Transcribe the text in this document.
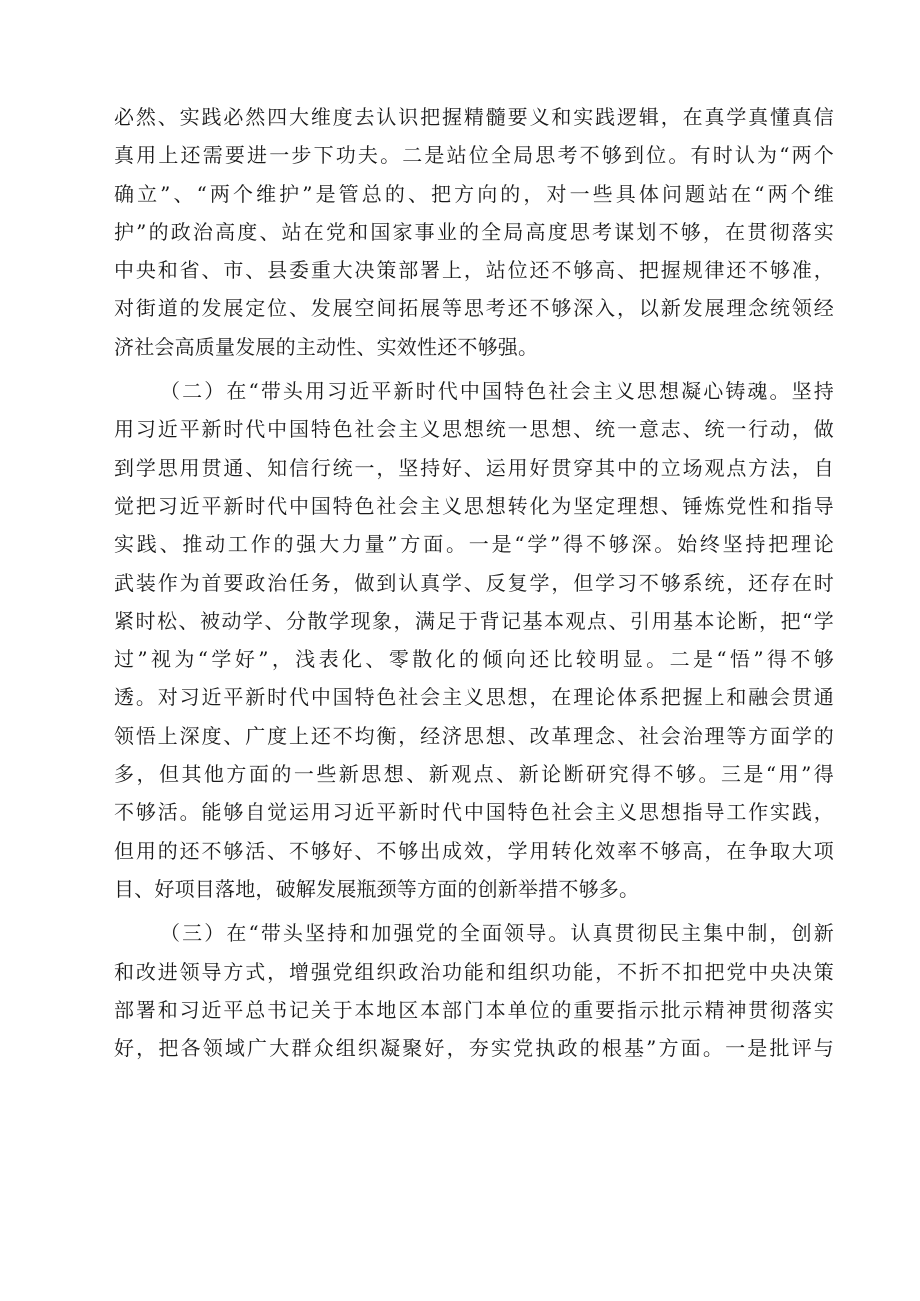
必然、实践必然四大维度去认识把握精髓要义和实践逻辑，在真学真懂真信
真用上还需要进一步下功夫。二是站位全局思考不够到位。有时认为“两个
确立”、“两个维护”是管总的、把方向的，对一些具体问题站在“两个维
护”的政治高度、站在党和国家事业的全局高度思考谋划不够，在贯彻落实
中央和省、市、县委重大决策部署上，站位还不够高、把握规律还不够准，
对街道的发展定位、发展空间拓展等思考还不够深入，以新发展理念统领经
济社会高质量发展的主动性、实效性还不够强。
（二）在“带头用习近平新时代中国特色社会主义思想凝心铸魂。坚持
用习近平新时代中国特色社会主义思想统一思想、统一意志、统一行动，做
到学思用贯通、知信行统一，坚持好、运用好贯穿其中的立场观点方法，自
觉把习近平新时代中国特色社会主义思想转化为坚定理想、锤炼党性和指导
实践、推动工作的强大力量”方面。一是“学”得不够深。始终坚持把理论
武装作为首要政治任务，做到认真学、反复学，但学习不够系统，还存在时
紧时松、被动学、分散学现象，满足于背记基本观点、引用基本论断，把“学
过”视为“学好”，浅表化、零散化的倾向还比较明显。二是“悟”得不够
透。对习近平新时代中国特色社会主义思想，在理论体系把握上和融会贯通
领悟上深度、广度上还不均衡，经济思想、改革理念、社会治理等方面学的
多，但其他方面的一些新思想、新观点、新论断研究得不够。三是“用”得
不够活。能够自觉运用习近平新时代中国特色社会主义思想指导工作实践，
但用的还不够活、不够好、不够出成效，学用转化效率不够高，在争取大项
目、好项目落地，破解发展瓶颈等方面的创新举措不够多。
（三）在“带头坚持和加强党的全面领导。认真贯彻民主集中制，创新
和改进领导方式，增强党组织政治功能和组织功能，不折不扣把党中央决策
部署和习近平总书记关于本地区本部门本单位的重要指示批示精神贯彻落实
好，把各领域广大群众组织凝聚好，夯实党执政的根基”方面。一是批评与
